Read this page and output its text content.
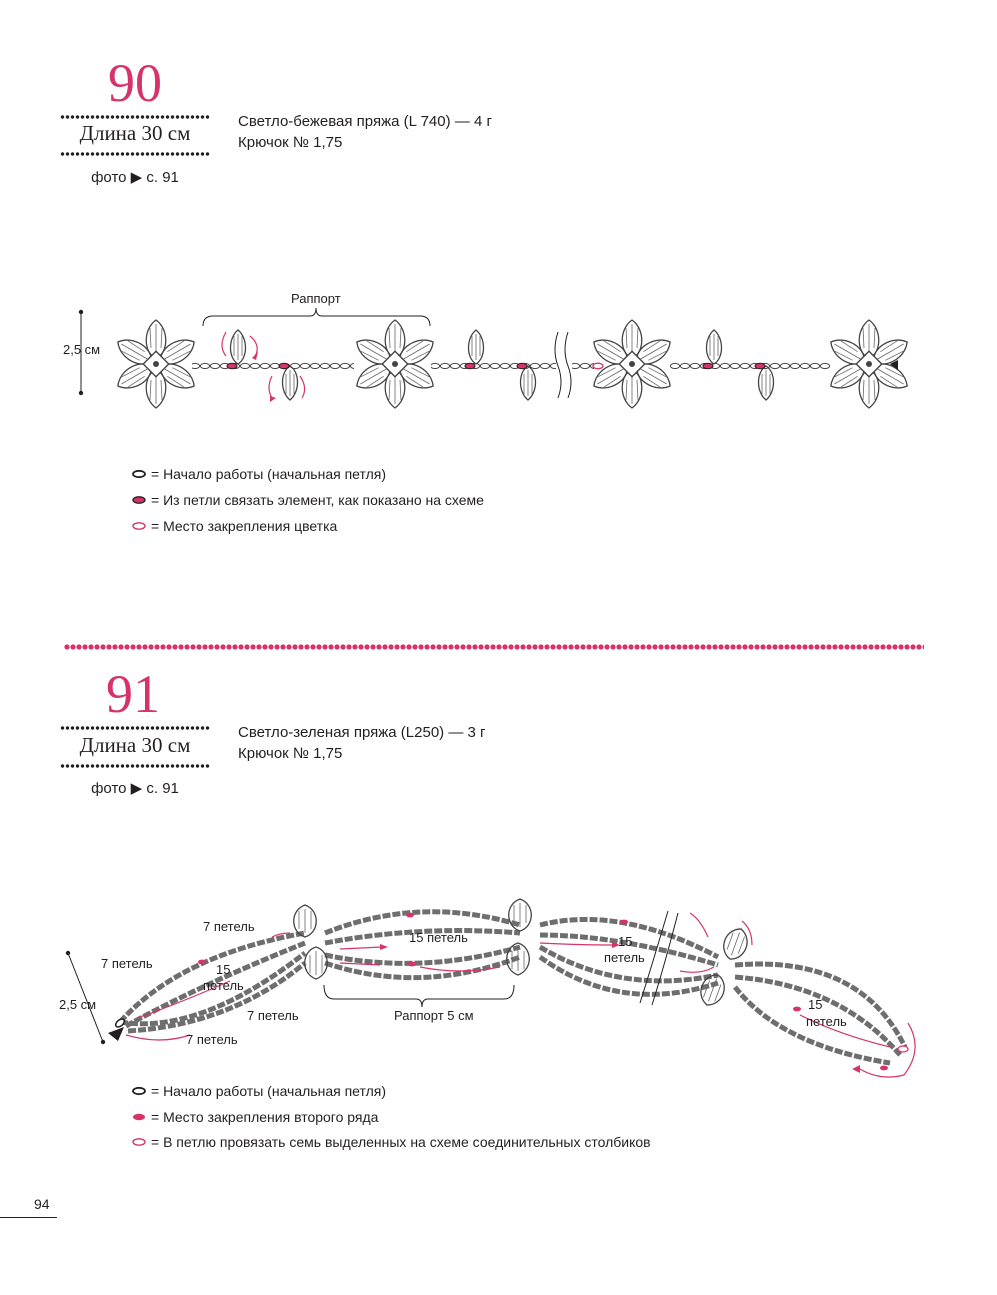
90
Длина 30 см
фото ▶ с. 91
Светло-бежевая пряжа (L 740) — 4 г
Крючок № 1,75
Раппорт
2,5 см
= Начало работы (начальная петля)
= Из петли связать элемент, как показано на схеме
= Место закрепления цветка
91
Длина 30 см
фото ▶ с. 91
Светло-зеленая пряжа (L250) — 3 г
Крючок № 1,75
2,5 см
7 петель
7 петель
7 петель
7 петель
15
петель
15 петель	15
петель
15
петель
Раппорт 5 см
= Начало работы (начальная петля)
= Место закрепления второго ряда
= В петлю провязать семь выделенных на схеме соединительных столбиков
94
